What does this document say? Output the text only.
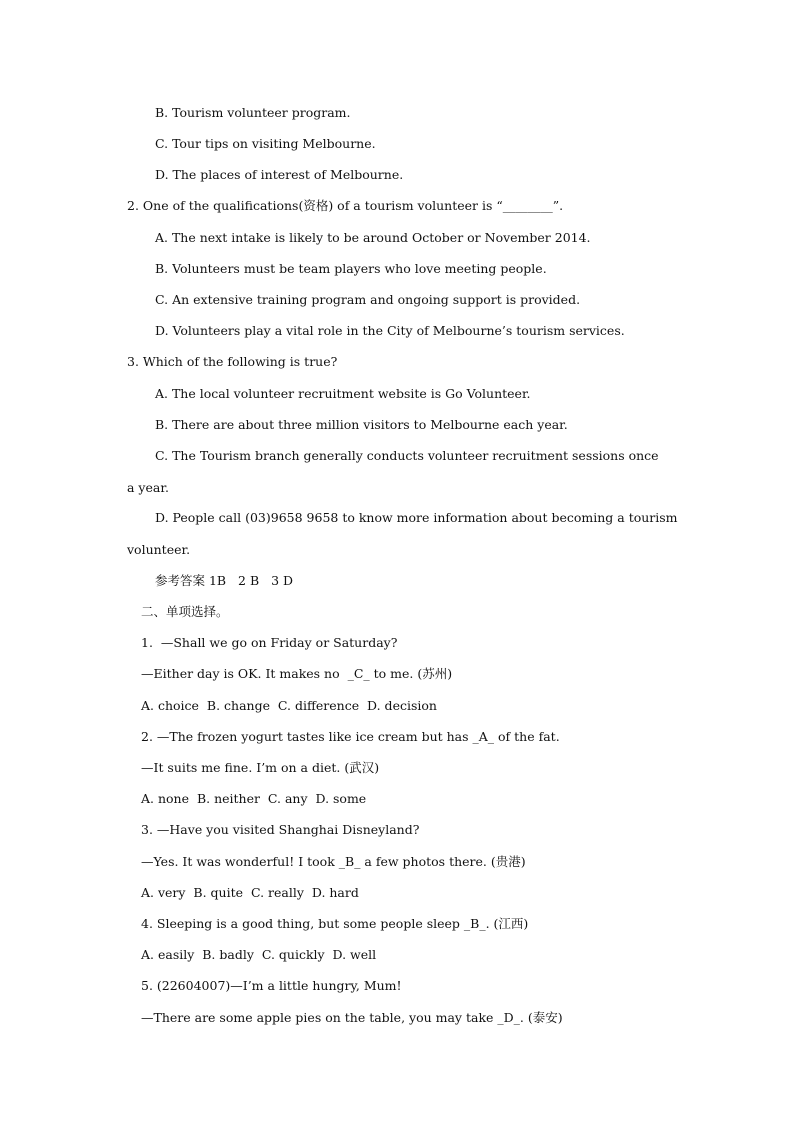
B. Tourism volunteer program.
C. Tour tips on visiting Melbourne.
D. The places of interest of Melbourne.
2. One of the qualifications(资格) of a tourism volunteer is “________”.
A. The next intake is likely to be around October or November 2014.
B. Volunteers must be team players who love meeting people.
C. An extensive training program and ongoing support is provided.
D. Volunteers play a vital role in the City of Melbourne’s tourism services.
3. Which of the following is true?
A. The local volunteer recruitment website is Go Volunteer.
B. There are about three million visitors to Melbourne each year.
C. The Tourism branch generally conducts volunteer recruitment sessions once
a year.
D. People call (03)9658 9658 to know more information about becoming a tourism
volunteer.
参考答案 1B   2 B   3 D
二、单项选择。
1.  —Shall we go on Friday or Saturday?
—Either day is OK. It makes no  _C_ to me. (苏州)
A. choice  B. change  C. difference  D. decision
2. —The frozen yogurt tastes like ice cream but has _A_ of the fat.
—It suits me fine. I’m on a diet. (武汉)
A. none  B. neither  C. any  D. some
3. —Have you visited Shanghai Disneyland?
—Yes. It was wonderful! I took _B_ a few photos there. (贵港)
A. very  B. quite  C. really  D. hard
4. Sleeping is a good thing, but some people sleep _B_. (江西)
A. easily  B. badly  C. quickly  D. well
5. (22604007)—I’m a little hungry, Mum!
—There are some apple pies on the table, you may take _D_. (泰安)
